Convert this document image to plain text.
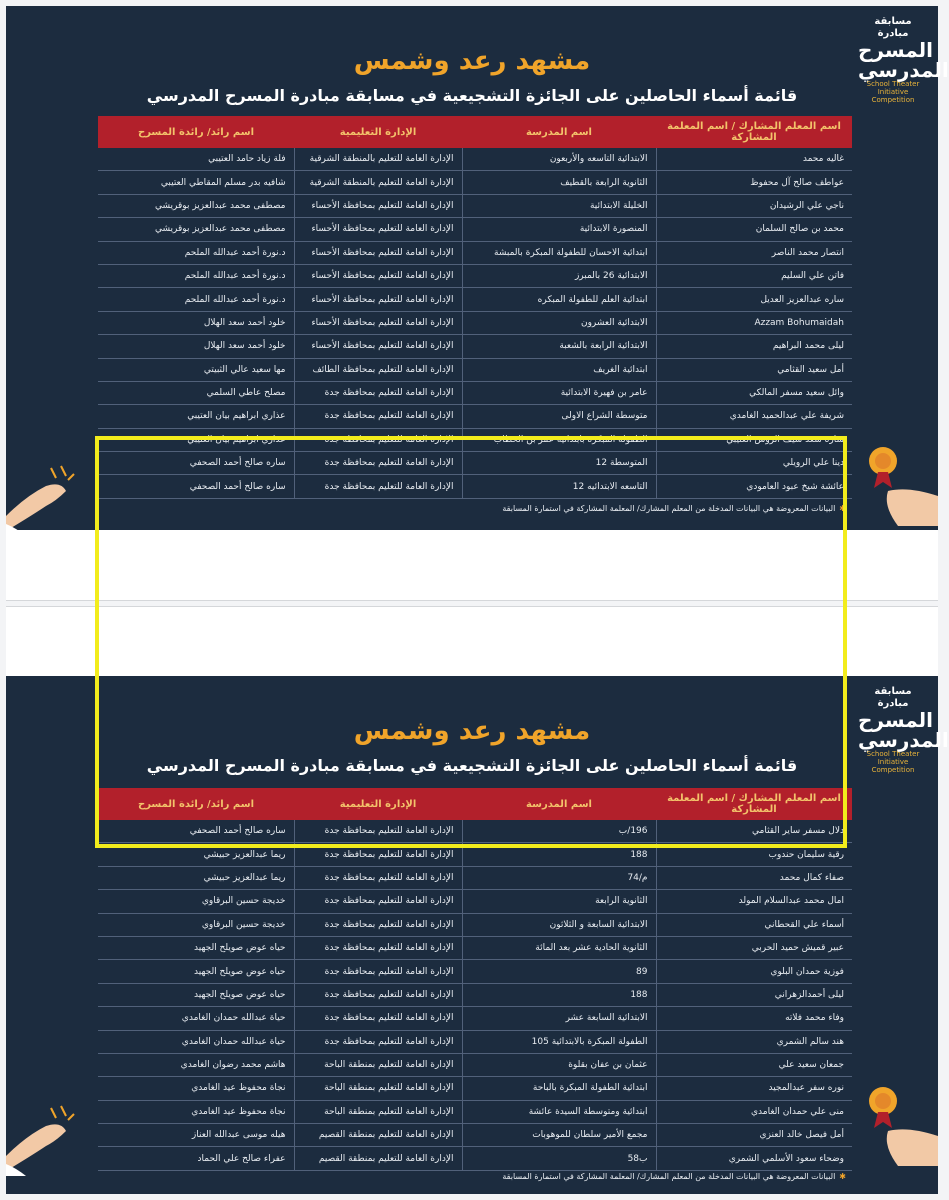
مسابقة مبادرة
المسرح
المدرسي
School Theater Initiative Competition
مشهد رعد وشمس
قائمة أسماء الحاصلين على الجائزة التشجيعية في مسابقة مبادرة المسرح المدرسي
اسم المعلم المشارك / اسم المعلمة المشاركة	اسم المدرسة	الإدارة التعليمية	اسم رائد/ رائدة المسرح
غاليه محمد	الابتدائية التاسعه والأربعون	الإدارة العامة للتعليم بالمنطقة الشرقية	فلة زياد حامد العتيبي
عواطف صالح آل محفوظ	الثانوية الرابعة بالقطيف	الإدارة العامة للتعليم بالمنطقة الشرقية	شافيه بدر مسلم المقاطي العتيبي
ناجي علي الرشيدان	الخليلة الابتدائية	الإدارة العامة للتعليم بمحافظة الأحساء	مصطفى محمد عبدالعزيز بوقريشي
محمد بن صالح السلمان	المنصورة الابتدائية	الإدارة العامة للتعليم بمحافظة الأحساء	مصطفى محمد عبدالعزيز بوقريشي
انتصار محمد الناصر	ابتدائية الاحسان للطفولة المبكرة بالمبشة	الإدارة العامة للتعليم بمحافظة الأحساء	د.نورة أحمد عبدالله الملحم
فاتن علي السليم	الابتدائية 26 بالمبرز	الإدارة العامة للتعليم بمحافظة الأحساء	د.نورة أحمد عبدالله الملحم
ساره عبدالعزيز العديل	ابتدائية العلم للطفولة المبكره	الإدارة العامة للتعليم بمحافظة الأحساء	د.نورة أحمد عبدالله الملحم
Azzam Bohumaidah	الابتدائية العشرون	الإدارة العامة للتعليم بمحافظة الأحساء	خلود أحمد سعد الهلال
ليلى محمد البراهيم	الابتدائية الرابعة بالشعبة	الإدارة العامة للتعليم بمحافظة الأحساء	خلود أحمد سعد الهلال
أمل سعيد القثامي	ابتدائية الغريف	الإدارة العامة للتعليم بمحافظة الطائف	مها سعيد عالي الثبيتي
وائل سعيد مسفر المالكي	عامر بن فهيرة الابتدائية	الإدارة العامة للتعليم بمحافظة جدة	مصلح عاطي السلمي
شريفة علي عبدالحميد الغامدي	متوسطة الشراع الاولى	الإدارة العامة للتعليم بمحافظة جدة	عذاري ابراهيم بيان العتيبي
ساره سعد سيف الروس العتيبي	الطفولة المبكرة بابتدائيه عمر بن الخطاب	الإدارة العامة للتعليم بمحافظة جدة	عذاري ابراهيم بيان العتيبي
دينا علي الرويلي	المتوسطة 12	الإدارة العامة للتعليم بمحافظة جدة	ساره صالح أحمد الصحفي
عائشة شيخ عبود العامودي	التاسعه الابتدائيه 12	الإدارة العامة للتعليم بمحافظة جدة	ساره صالح أحمد الصحفي
✱البيانات المعروضة هي البيانات المدخلة من المعلم المشارك/ المعلمة المشاركة في استمارة المسابقة
مسابقة مبادرة
المسرح
المدرسي
School Theater Initiative Competition
مشهد رعد وشمس
قائمة أسماء الحاصلين على الجائزة التشجيعية في مسابقة مبادرة المسرح المدرسي
اسم المعلم المشارك / اسم المعلمة المشاركة	اسم المدرسة	الإدارة التعليمية	اسم رائد/ رائدة المسرح
دلال مسفر ساير القثامي	196/ب	الإدارة العامة للتعليم بمحافظة جدة	ساره صالح أحمد الصحفي
رقية سليمان حندوب	188	الإدارة العامة للتعليم بمحافظة جدة	ريما عبدالعزيز حبيشي
صفاء كمال محمد	م/74	الإدارة العامة للتعليم بمحافظة جدة	ريما عبدالعزيز حبيشي
امال محمد عبدالسلام المولد	الثانوية الرابعة	الإدارة العامة للتعليم بمحافظة جدة	خديجة حسين البرقاوي
أسماء علي القحطاني	الابتدائية السابعة و الثلاثون	الإدارة العامة للتعليم بمحافظة جدة	خديجة حسين البرقاوي
عبير قميش حميد الحربي	الثانوية الحادية عشر بعد المائة	الإدارة العامة للتعليم بمحافظة جدة	حياه عوض صويلح الجهيد
فوزية حمدان البلوي	89	الإدارة العامة للتعليم بمحافظة جدة	حياه عوض صويلح الجهيد
ليلى أحمدالزهراني	188	الإدارة العامة للتعليم بمحافظة جدة	حياه عوض صويلح الجهيد
وفاء محمد فلاته	الابتدائية السابعة عشر	الإدارة العامة للتعليم بمحافظة جدة	حياة عبدالله حمدان الغامدي
هند سالم الشمري	الطفولة المبكرة بالابتدائية 105	الإدارة العامة للتعليم بمحافظة جدة	حياة عبدالله حمدان الغامدي
جمعان سعيد علي	عثمان بن عفان بقلوة	الإدارة العامة للتعليم بمنطقة الباحة	هاشم محمد رضوان الغامدي
نوره سفر عبدالمجيد	ابتدائية الطفولة المبكرة بالباحة	الإدارة العامة للتعليم بمنطقة الباحة	نجاة محفوظ عيد الغامدي
منى علي حمدان الغامدي	ابتدائية ومتوسطة السيدة عائشة	الإدارة العامة للتعليم بمنطقة الباحة	نجاة محفوظ عيد الغامدي
أمل فيصل خالد العنزي	مجمع الأمير سلطان للموهوبات	الإدارة العامة للتعليم بمنطقة القصيم	هيله موسى عبدالله العناز
وضحاء سعود الأسلمي الشمري	ب58	الإدارة العامة للتعليم بمنطقة القصيم	عفراء صالح علي الحماد
✱البيانات المعروضة هي البيانات المدخلة من المعلم المشارك/ المعلمة المشاركة في استمارة المسابقة
